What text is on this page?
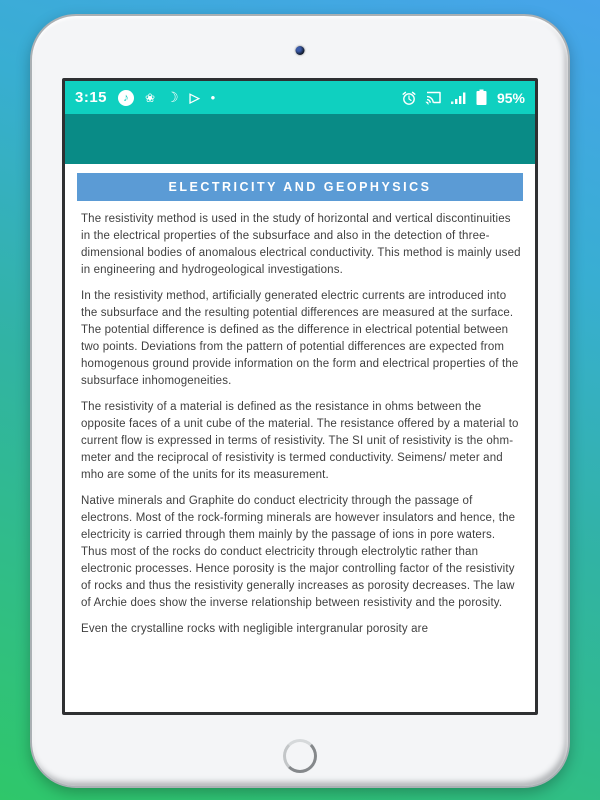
3:15	♪	❀ ☾ ▷ •	95%
ELECTRICITY AND GEOPHYSICS

The resistivity method is used in the study of horizontal and vertical discontinuities in the electrical properties of the subsurface and also in the detection of three-dimensional bodies of anomalous electrical conductivity. This method is mainly used in engineering and hydrogeological investigations.

In the resistivity method, artificially generated electric currents are introduced into the subsurface and the resulting potential differences are measured at the surface. The potential difference is defined as the difference in electrical potential between two points. Deviations from the pattern of potential differences are expected from homogenous ground provide information on the form and electrical properties of the subsurface inhomogeneities.

The resistivity of a material is defined as the resistance in ohms between the opposite faces of a unit cube of the material. The resistance offered by a material to current flow is expressed in terms of resistivity. The SI unit of resistivity is the ohm-meter and the reciprocal of resistivity is termed conductivity. Seimens/ meter and mho are some of the units for its measurement.

Native minerals and Graphite do conduct electricity through the passage of electrons. Most of the rock-forming minerals are however insulators and hence, the electricity is carried through them mainly by the passage of ions in pore waters. Thus most of the rocks do conduct electricity through electrolytic rather than electronic processes. Hence porosity is the major controlling factor of the resistivity of rocks and thus the resistivity generally increases as porosity decreases. The law of Archie does show the inverse relationship between resistivity and the porosity.

Even the crystalline rocks with negligible intergranular porosity are
